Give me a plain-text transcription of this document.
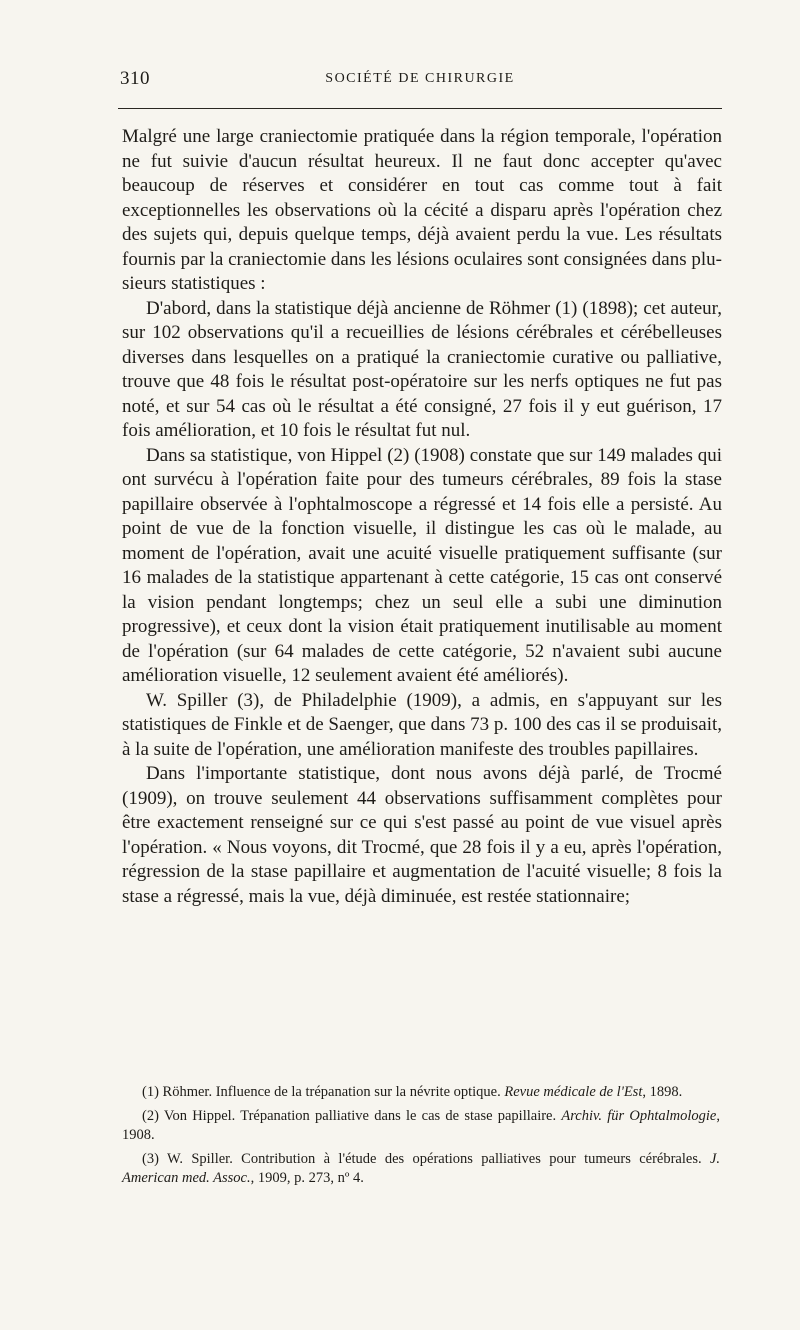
310	SOCIÉTÉ DE CHIRURGIE

Malgré une large craniectomie pratiquée dans la région temporale, l'opération ne fut suivie d'aucun résultat heureux. Il ne faut donc accepter qu'avec beaucoup de réserves et considérer en tout cas comme tout à fait exceptionnelles les observations où la cécité a disparu après l'opération chez des sujets qui, depuis quelque temps, déjà avaient perdu la vue. Les résultats fournis par la craniectomie dans les lésions oculaires sont consignées dans plusieurs statistiques :

D'abord, dans la statistique déjà ancienne de Röhmer (1) (1898); cet auteur, sur 102 observations qu'il a recueillies de lésions cérébrales et cérébelleuses diverses dans lesquelles on a pratiqué la craniectomie curative ou palliative, trouve que 48 fois le résultat post-opératoire sur les nerfs optiques ne fut pas noté, et sur 54 cas où le résultat a été consigné, 27 fois il y eut guérison, 17 fois amélioration, et 10 fois le résultat fut nul.

Dans sa statistique, von Hippel (2) (1908) constate que sur 149 malades qui ont survécu à l'opération faite pour des tumeurs cérébrales, 89 fois la stase papillaire observée à l'ophtalmoscope a régressé et 14 fois elle a persisté. Au point de vue de la fonction visuelle, il distingue les cas où le malade, au moment de l'opération, avait une acuité visuelle pratiquement suffisante (sur 16 malades de la statistique appartenant à cette catégorie, 15 cas ont conservé la vision pendant longtemps; chez un seul elle a subi une diminution progressive), et ceux dont la vision était pratiquement inutilisable au moment de l'opération (sur 64 malades de cette catégorie, 52 n'avaient subi aucune amélioration visuelle, 12 seulement avaient été améliorés).

W. Spiller (3), de Philadelphie (1909), a admis, en s'appuyant sur les statistiques de Finkle et de Saenger, que dans 73 p. 100 des cas il se produisait, à la suite de l'opération, une amélioration manifeste des troubles papillaires.

Dans l'importante statistique, dont nous avons déjà parlé, de Trocmé (1909), on trouve seulement 44 observations suffisamment complètes pour être exactement renseigné sur ce qui s'est passé au point de vue visuel après l'opération. « Nous voyons, dit Trocmé, que 28 fois il y a eu, après l'opération, régression de la stase papillaire et augmentation de l'acuité visuelle; 8 fois la stase a régressé, mais la vue, déjà diminuée, est restée stationnaire;

(1) Röhmer. Influence de la trépanation sur la névrite optique. Revue médicale de l'Est, 1898.

(2) Von Hippel. Trépanation palliative dans le cas de stase papillaire. Archiv. für Ophtalmologie, 1908.

(3) W. Spiller. Contribution à l'étude des opérations palliatives pour tumeurs cérébrales. J. American med. Assoc., 1909, p. 273, nº 4.
